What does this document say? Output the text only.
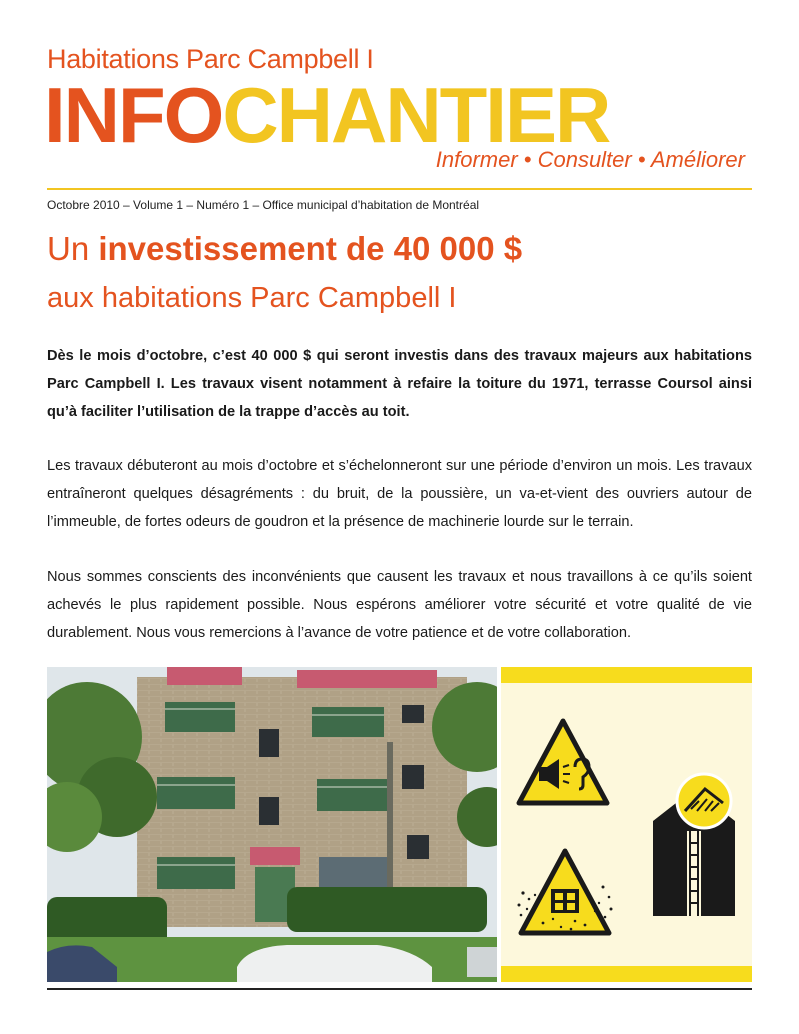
Habitations Parc Campbell I
INFOCHANTIER
Informer • Consulter • Améliorer
Octobre 2010 – Volume 1 – Numéro 1 – Office municipal d’habitation de Montréal
Un investissement de 40 000 $
aux habitations Parc Campbell I
Dès le mois d’octobre, c’est 40 000 $ qui seront investis dans des travaux majeurs aux habitations Parc Campbell I. Les travaux visent notamment à refaire la toiture du 1971, terrasse Coursol ainsi qu’à faciliter l’utilisation de la trappe d’accès au toit.
Les travaux débuteront au mois d’octobre et s’échelonneront sur une période d’environ un mois. Les travaux entraîneront quelques désagréments : du bruit, de la poussière, un va-et-vient des ouvriers autour de l’immeuble, de fortes odeurs de goudron et la présence de machinerie lourde sur le terrain.
Nous sommes conscients des inconvénients que causent les travaux et nous travaillons à ce qu’ils soient achevés le plus rapidement possible. Nous espérons améliorer votre sécurité et votre qualité de vie durablement. Nous vous remercions à l’avance de votre patience et de votre collaboration.
